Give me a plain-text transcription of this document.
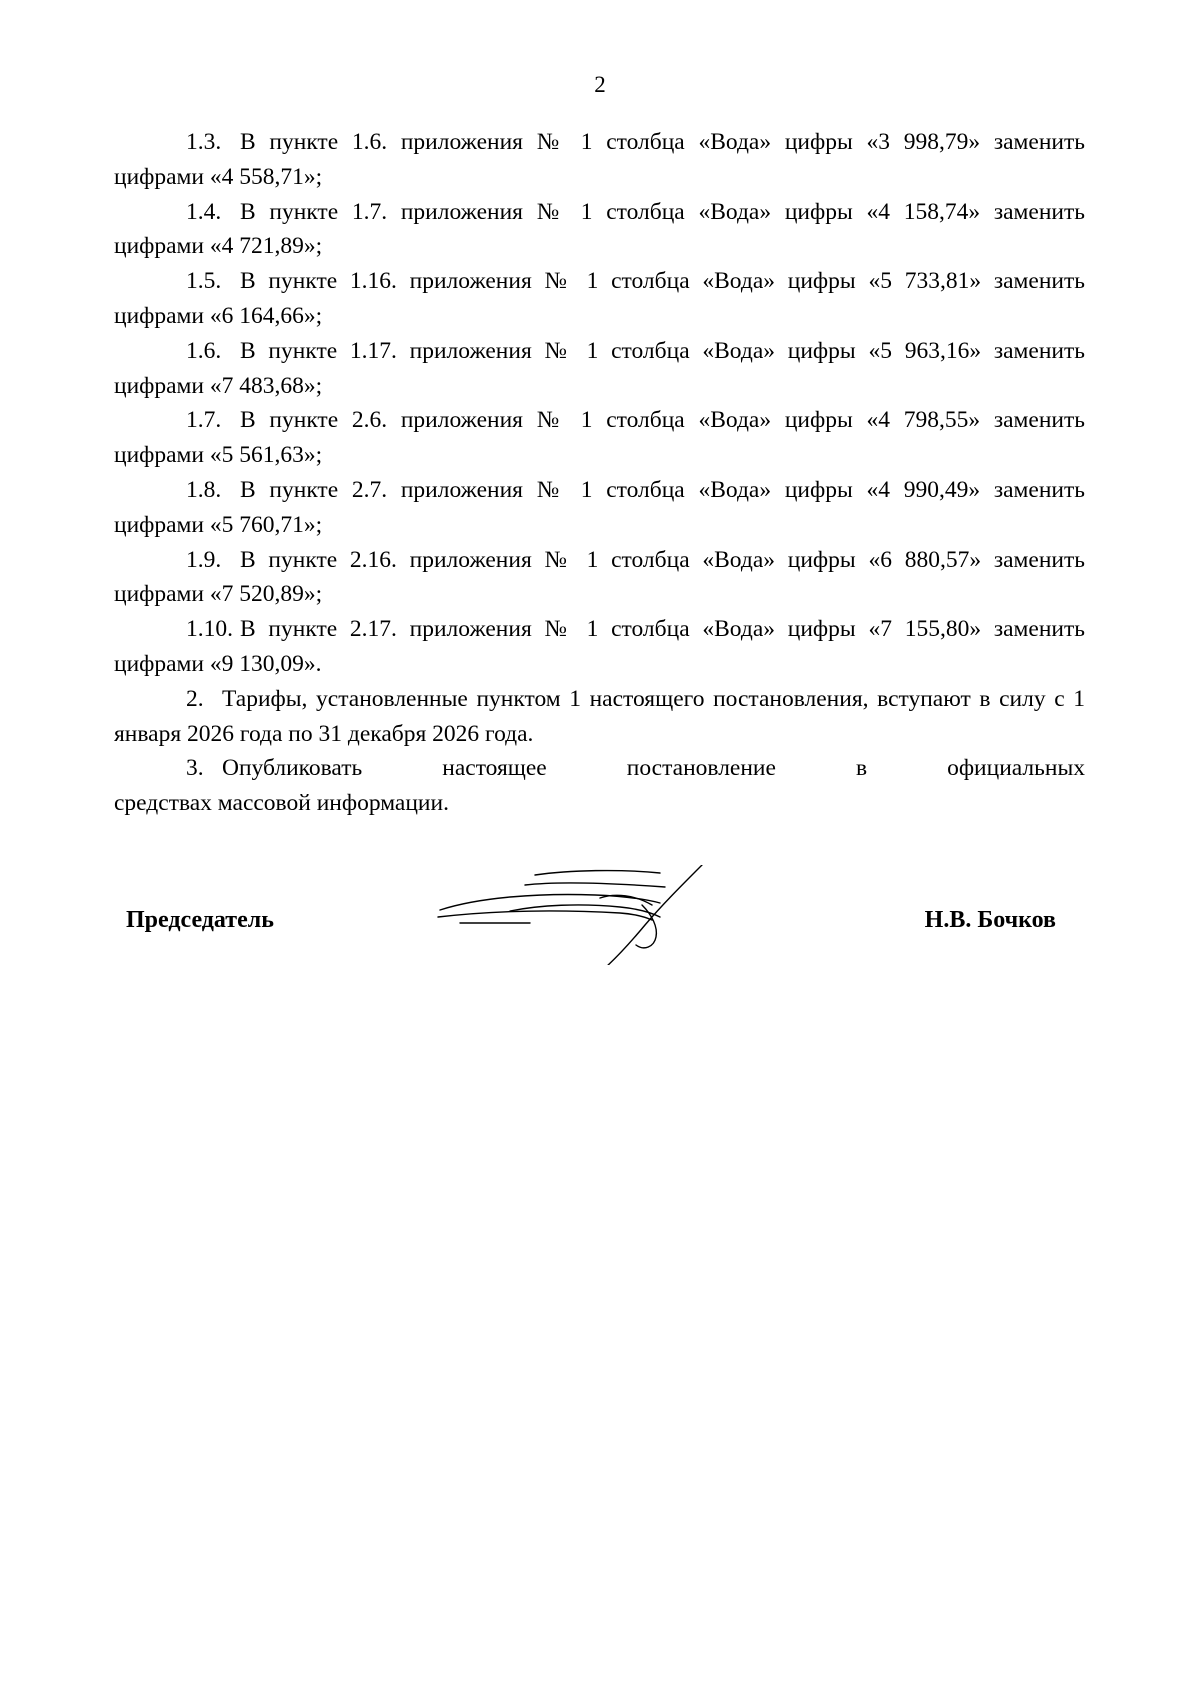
2

1.3. В пункте 1.6. приложения № 1 столбца «Вода» цифры «3 998,79» заменить цифрами «4 558,71»;

1.4. В пункте 1.7. приложения № 1 столбца «Вода» цифры «4 158,74» заменить цифрами «4 721,89»;

1.5. В пункте 1.16. приложения № 1 столбца «Вода» цифры «5 733,81» заменить цифрами «6 164,66»;

1.6. В пункте 1.17. приложения № 1 столбца «Вода» цифры «5 963,16» заменить цифрами «7 483,68»;

1.7. В пункте 2.6. приложения № 1 столбца «Вода» цифры «4 798,55» заменить цифрами «5 561,63»;

1.8. В пункте 2.7. приложения № 1 столбца «Вода» цифры «4 990,49» заменить цифрами «5 760,71»;

1.9. В пункте 2.16. приложения № 1 столбца «Вода» цифры «6 880,57» заменить цифрами «7 520,89»;

1.10. В пункте 2.17. приложения № 1 столбца «Вода» цифры «7 155,80» заменить цифрами «9 130,09».

2. Тарифы, установленные пунктом 1 настоящего постановления, вступают в силу с 1 января 2026 года по 31 декабря 2026 года.

3. Опубликовать настоящее постановление в официальных

средствах массовой информации.

Председатель	Н.В. Бочков
